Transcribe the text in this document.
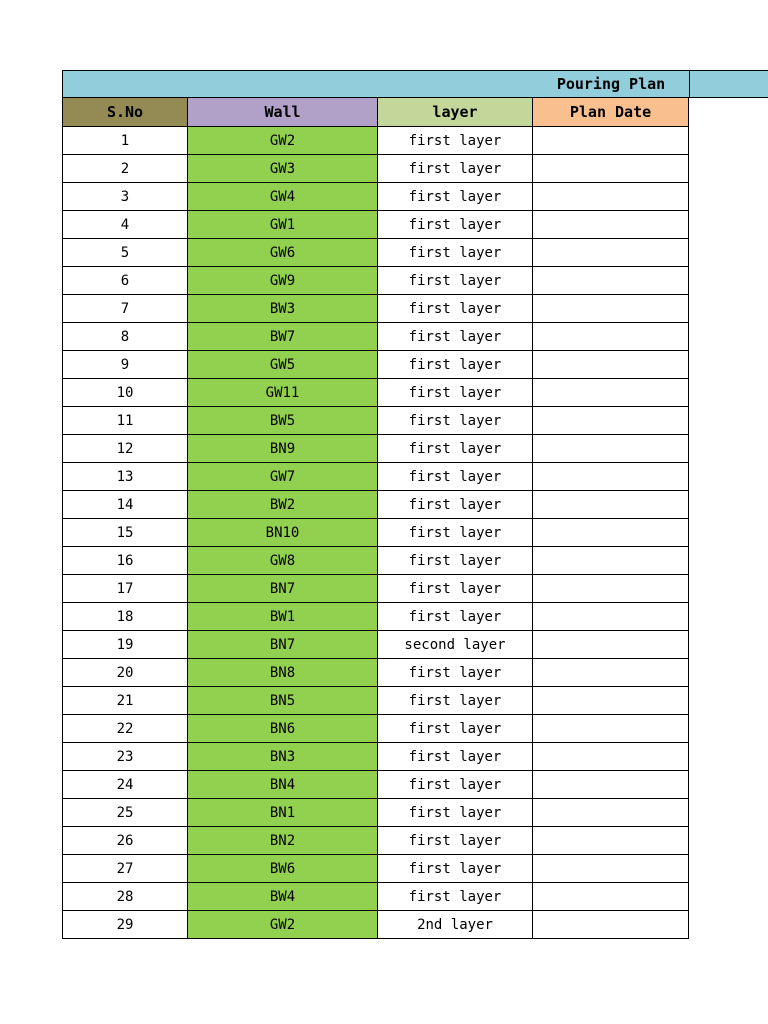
Pouring Plan
S.No	Wall	layer	Plan Date
1	GW2	first layer	
2	GW3	first layer	
3	GW4	first layer	
4	GW1	first layer	
5	GW6	first layer	
6	GW9	first layer	
7	BW3	first layer	
8	BW7	first layer	
9	GW5	first layer	
10	GW11	first layer	
11	BW5	first layer	
12	BN9	first layer	
13	GW7	first layer	
14	BW2	first layer	
15	BN10	first layer	
16	GW8	first layer	
17	BN7	first layer	
18	BW1	first layer	
19	BN7	second layer	
20	BN8	first layer	
21	BN5	first layer	
22	BN6	first layer	
23	BN3	first layer	
24	BN4	first layer	
25	BN1	first layer	
26	BN2	first layer	
27	BW6	first layer	
28	BW4	first layer	
29	GW2	2nd layer	
